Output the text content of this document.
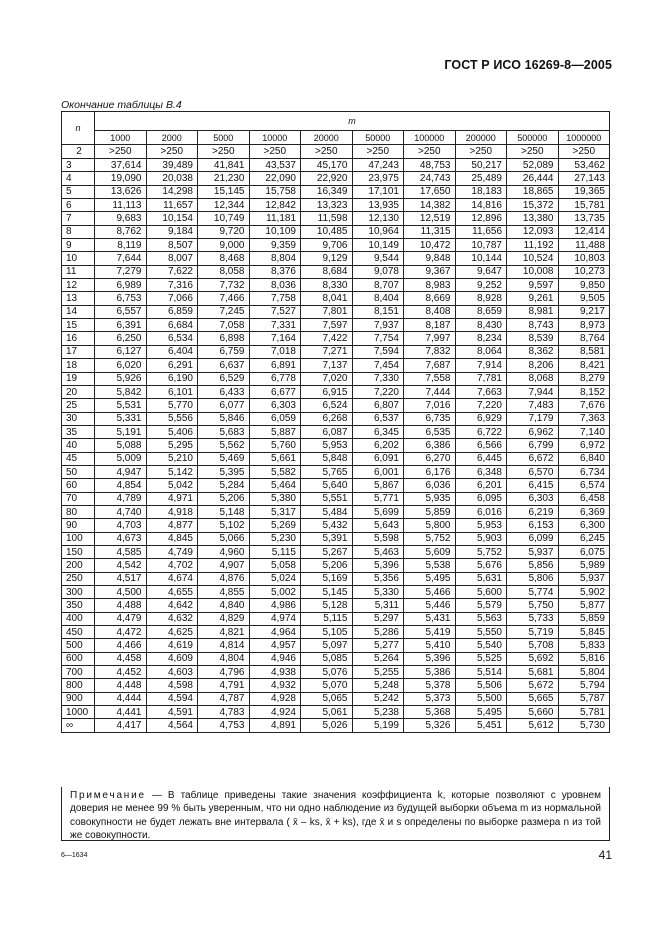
ГОСТ Р ИСО 16269-8—2005
Окончание таблицы В.4
n	m									
	1000	2000	5000	10000	20000	50000	100000	200000	500000	1000000
2	>250	>250	>250	>250	>250	>250	>250	>250	>250	>250
3	37,614	39,489	41,841	43,537	45,170	47,243	48,753	50,217	52,089	53,462
4	19,090	20,038	21,230	22,090	22,920	23,975	24,743	25,489	26,444	27,143
5	13,626	14,298	15,145	15,758	16,349	17,101	17,650	18,183	18,865	19,365
6	11,113	11,657	12,344	12,842	13,323	13,935	14,382	14,816	15,372	15,781
7	9,683	10,154	10,749	11,181	11,598	12,130	12,519	12,896	13,380	13,735
8	8,762	9,184	9,720	10,109	10,485	10,964	11,315	11,656	12,093	12,414
9	8,119	8,507	9,000	9,359	9,706	10,149	10,472	10,787	11,192	11,488
10	7,644	8,007	8,468	8,804	9,129	9,544	9,848	10,144	10,524	10,803
11	7,279	7,622	8,058	8,376	8,684	9,078	9,367	9,647	10,008	10,273
12	6,989	7,316	7,732	8,036	8,330	8,707	8,983	9,252	9,597	9,850
13	6,753	7,066	7,466	7,758	8,041	8,404	8,669	8,928	9,261	9,505
14	6,557	6,859	7,245	7,527	7,801	8,151	8,408	8,659	8,981	9,217
15	6,391	6,684	7,058	7,331	7,597	7,937	8,187	8,430	8,743	8,973
16	6,250	6,534	6,898	7,164	7,422	7,754	7,997	8,234	8,539	8,764
17	6,127	6,404	6,759	7,018	7,271	7,594	7,832	8,064	8,362	8,581
18	6,020	6,291	6,637	6,891	7,137	7,454	7,687	7,914	8,206	8,421
19	5,926	6,190	6,529	6,778	7,020	7,330	7,558	7,781	8,068	8,279
20	5,842	6,101	6,433	6,677	6,915	7,220	7,444	7,663	7,944	8,152
25	5,531	5,770	6,077	6,303	6,524	6,807	7,016	7,220	7,483	7,676
30	5,331	5,556	5,846	6,059	6,268	6,537	6,735	6,929	7,179	7,363
35	5,191	5,406	5,683	5,887	6,087	6,345	6,535	6,722	6,962	7,140
40	5,088	5,295	5,562	5,760	5,953	6,202	6,386	6,566	6,799	6,972
45	5,009	5,210	5,469	5,661	5,848	6,091	6,270	6,445	6,672	6,840
50	4,947	5,142	5,395	5,582	5,765	6,001	6,176	6,348	6,570	6,734
60	4,854	5,042	5,284	5,464	5,640	5,867	6,036	6,201	6,415	6,574
70	4,789	4,971	5,206	5,380	5,551	5,771	5,935	6,095	6,303	6,458
80	4,740	4,918	5,148	5,317	5,484	5,699	5,859	6,016	6,219	6,369
90	4,703	4,877	5,102	5,269	5,432	5,643	5,800	5,953	6,153	6,300
100	4,673	4,845	5,066	5,230	5,391	5,598	5,752	5,903	6,099	6,245
150	4,585	4,749	4,960	5,115	5,267	5,463	5,609	5,752	5,937	6,075
200	4,542	4,702	4,907	5,058	5,206	5,396	5,538	5,676	5,856	5,989
250	4,517	4,674	4,876	5,024	5,169	5,356	5,495	5,631	5,806	5,937
300	4,500	4,655	4,855	5,002	5,145	5,330	5,466	5,600	5,774	5,902
350	4,488	4,642	4,840	4,986	5,128	5,311	5,446	5,579	5,750	5,877
400	4,479	4,632	4,829	4,974	5,115	5,297	5,431	5,563	5,733	5,859
450	4,472	4,625	4,821	4,964	5,105	5,286	5,419	5,550	5,719	5,845
500	4,466	4,619	4,814	4,957	5,097	5,277	5,410	5,540	5,708	5,833
600	4,458	4,609	4,804	4,946	5,085	5,264	5,396	5,525	5,692	5,816
700	4,452	4,603	4,796	4,938	5,076	5,255	5,386	5,514	5,681	5,804
800	4,448	4,598	4,791	4,932	5,070	5,248	5,378	5,506	5,672	5,794
900	4,444	4,594	4,787	4,928	5,065	5,242	5,373	5,500	5,665	5,787
1000	4,441	4,591	4,783	4,924	5,061	5,238	5,368	5,495	5,660	5,781
∞	4,417	4,564	4,753	4,891	5,026	5,199	5,326	5,451	5,612	5,730
Примечание — В таблице приведены такие значения коэффициента k, которые позволяют с уровнем доверия не менее 99 % быть уверенным, что ни одно наблюдение из будущей выборки объема m из нормальной совокупности не будет лежать вне интервала ( x̄ – ks, x̄ + ks), где x̄ и s определены по выборке размера n из той же совокупности.
6—1634	41
